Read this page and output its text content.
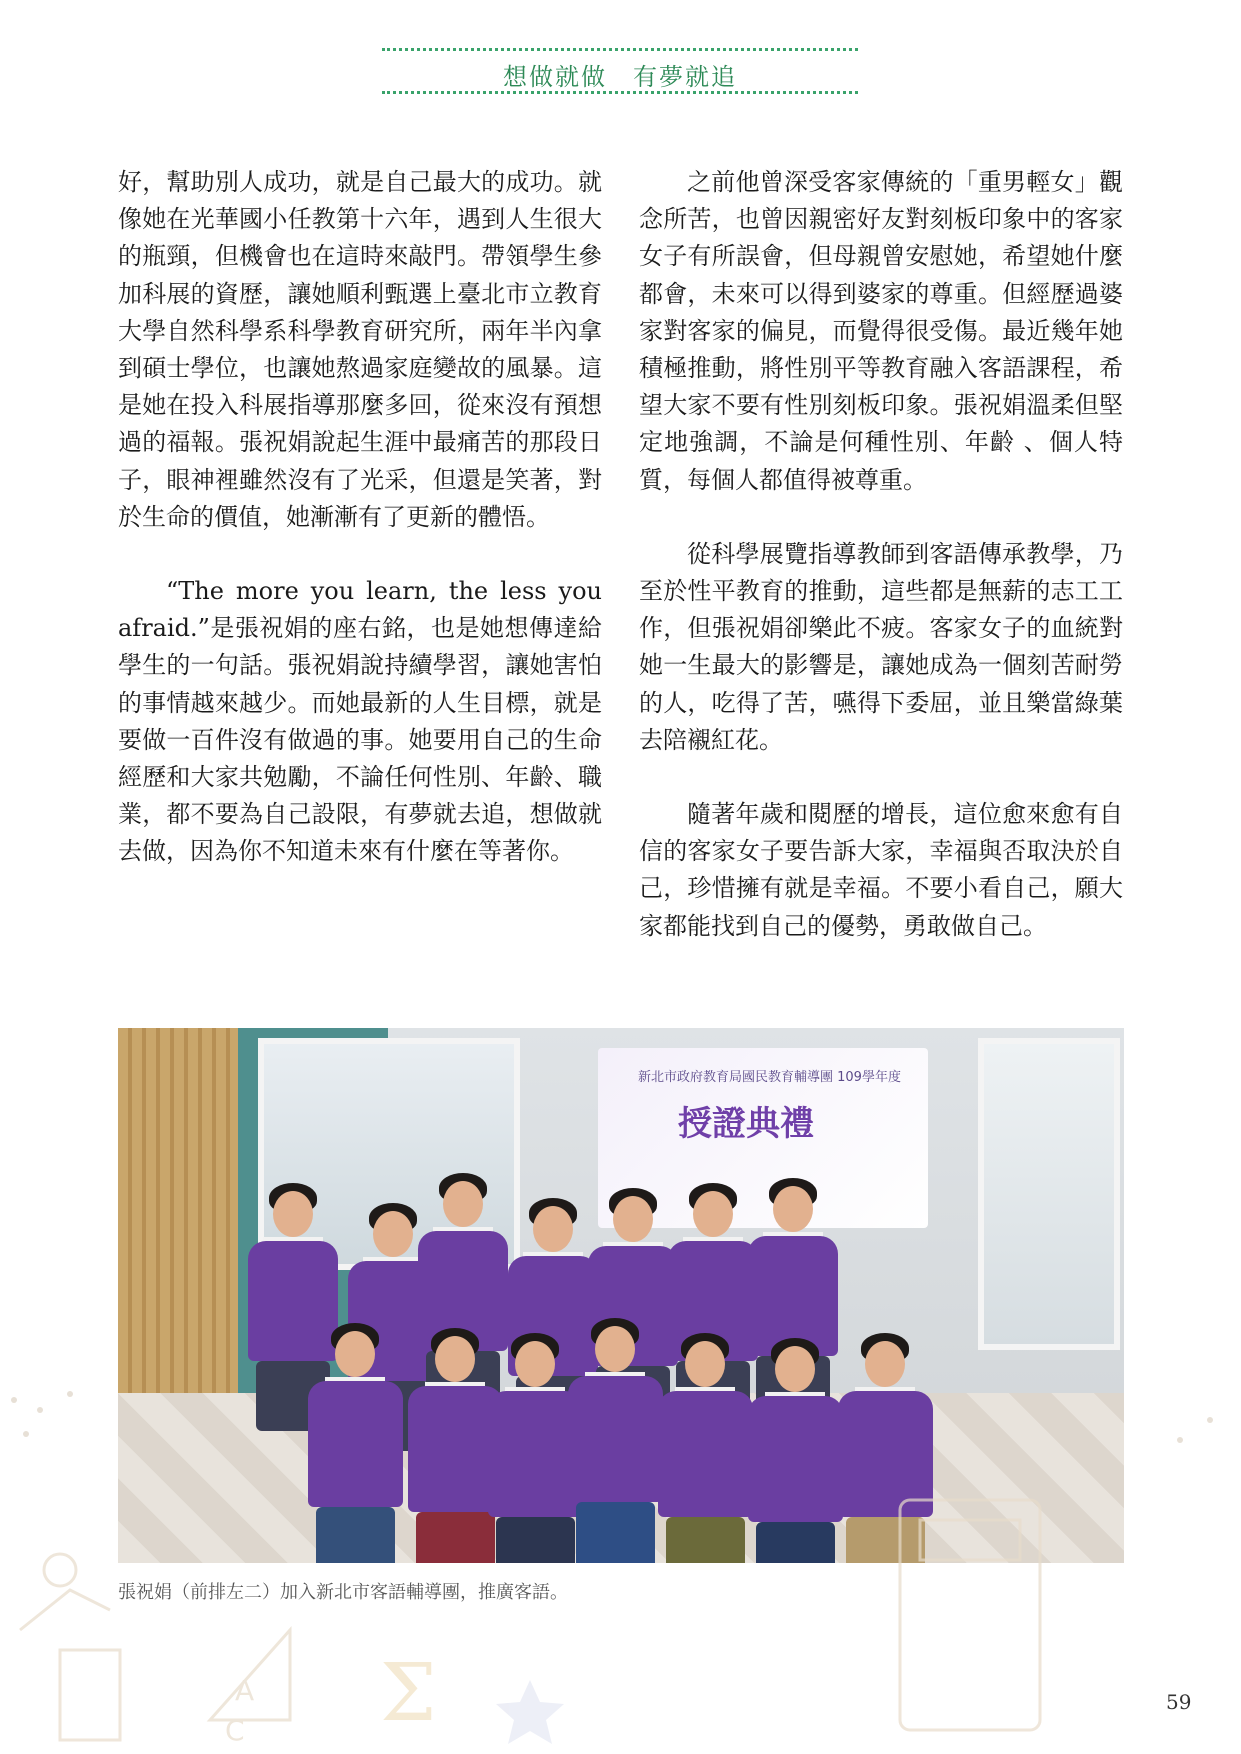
想做就做　有夢就追

好，幫助別人成功，就是自己最大的成功。就像她在光華國小任教第十六年，遇到人生很大的瓶頸，但機會也在這時來敲門。帶領學生參加科展的資歷，讓她順利甄選上臺北市立教育大學自然科學系科學教育研究所，兩年半內拿到碩士學位，也讓她熬過家庭變故的風暴。這是她在投入科展指導那麼多回，從來沒有預想過的福報。張祝娟說起生涯中最痛苦的那段日子，眼神裡雖然沒有了光采，但還是笑著，對於生命的價值，她漸漸有了更新的體悟。

“The more you learn, the less you afraid.”是張祝娟的座右銘，也是她想傳達給學生的一句話。張祝娟說持續學習，讓她害怕的事情越來越少。而她最新的人生目標，就是要做一百件沒有做過的事。她要用自己的生命經歷和大家共勉勵，不論任何性別、年齡、職業，都不要為自己設限，有夢就去追，想做就去做，因為你不知道未來有什麼在等著你。

之前他曾深受客家傳統的「重男輕女」觀念所苦，也曾因親密好友對刻板印象中的客家女子有所誤會，但母親曾安慰她，希望她什麼都會，未來可以得到婆家的尊重。但經歷過婆家對客家的偏見，而覺得很受傷。最近幾年她積極推動，將性別平等教育融入客語課程，希望大家不要有性別刻板印象。張祝娟溫柔但堅定地強調，不論是何種性別、年齡 、個人特質，每個人都值得被尊重。

從科學展覽指導教師到客語傳承教學，乃至於性平教育的推動，這些都是無薪的志工工作，但張祝娟卻樂此不疲。客家女子的血統對她一生最大的影響是，讓她成為一個刻苦耐勞的人，吃得了苦，嚥得下委屈，並且樂當綠葉去陪襯紅花。

隨著年歲和閱歷的增長，這位愈來愈有自信的客家女子要告訴大家，幸福與否取決於自己，珍惜擁有就是幸福。不要小看自己，願大家都能找到自己的優勢，勇敢做自己。

新北市政府教育局國民教育輔導團 109學年度
授證典禮
張祝娟（前排左二）加入新北市客語輔導團，推廣客語。
A
C Σ	59
